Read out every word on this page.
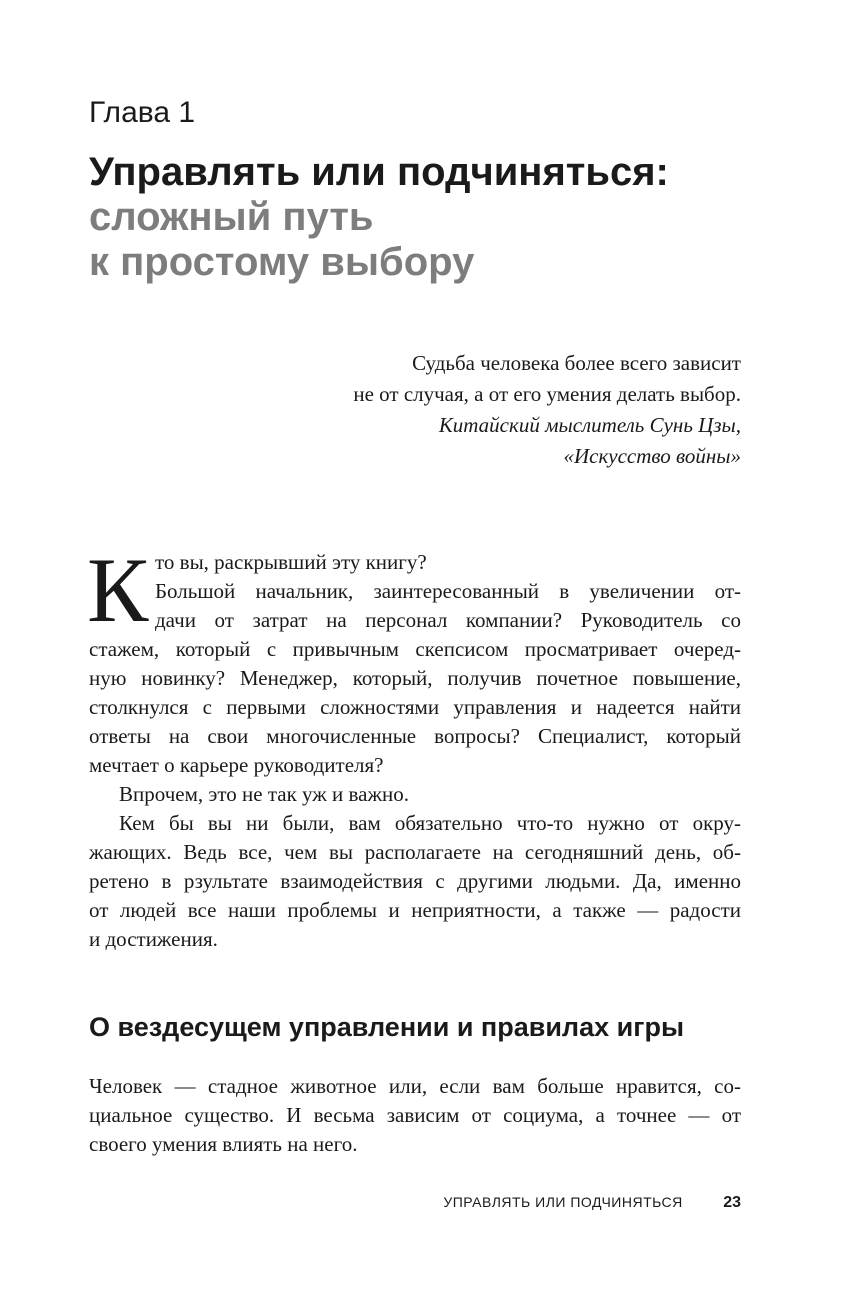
Глава 1
Управлять или подчиняться:
сложный путь
к простому выбору
Судьба человека более всего зависит
не от случая, а от его умения делать выбор.
Китайский мыслитель Сунь Цзы,
«Искусство войны»
К то вы, раскрывший эту книгу?
Большой начальник, заинтересованный в увеличении от-
дачи от затрат на персонал компании? Руководитель со
стажем, который с привычным скепсисом просматривает очеред-
ную новинку? Менеджер, который, получив почетное повышение,
столкнулся с первыми сложностями управления и надеется найти
ответы на свои многочисленные вопросы? Специалист, который
мечтает о карьере руководителя?
Впрочем, это не так уж и важно.
Кем бы вы ни были, вам обязательно что-то нужно от окру-
жающих. Ведь все, чем вы располагаете на сегодняшний день, об-
ретено в рзультате взаимодействия с другими людьми. Да, именно
от людей все наши проблемы и неприятности, а также — радости
и достижения.
О вездесущем управлении и правилах игры
Человек — стадное животное или, если вам больше нравится, со-
циальное существо. И весьма зависим от социума, а точнее — от
своего умения влиять на него.
УПРАВЛЯТЬ ИЛИ ПОДЧИНЯТЬСЯ	23
